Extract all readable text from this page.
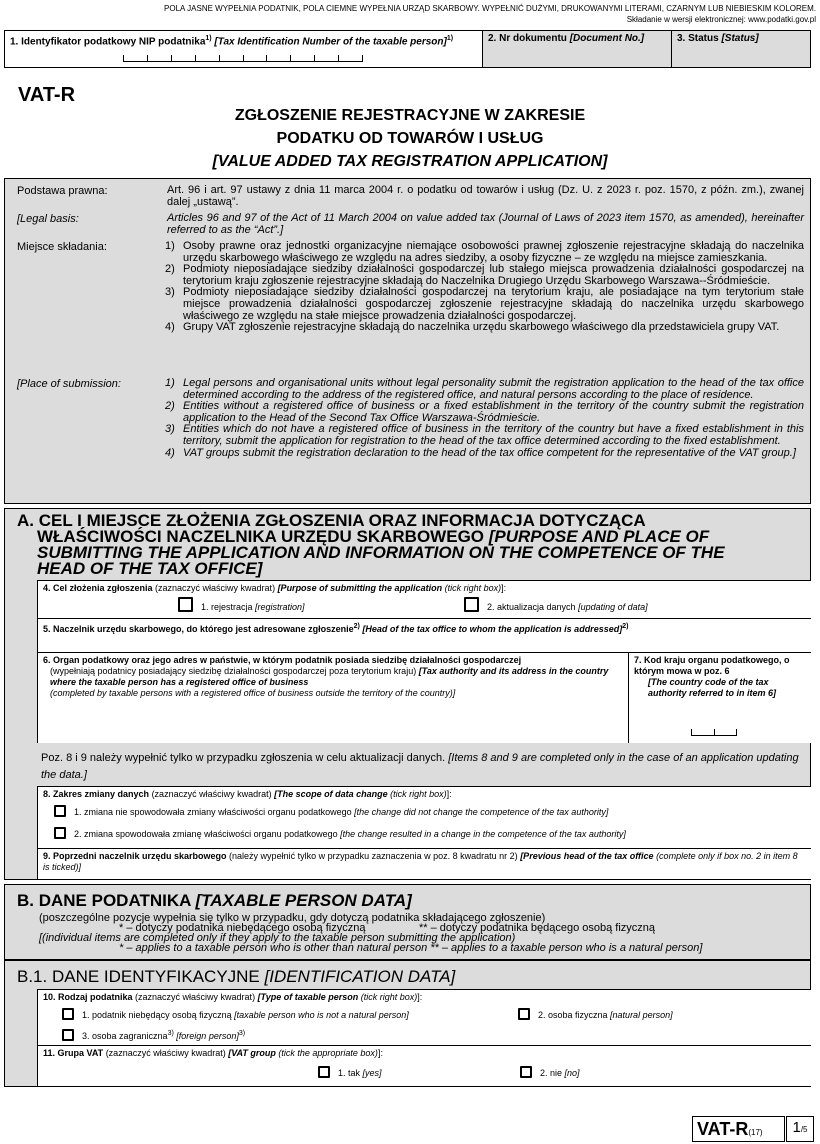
POLA JASNE WYPEŁNIA PODATNIK, POLA CIEMNE WYPEŁNIA URZĄD SKARBOWY. WYPEŁNIĆ DUŻYMI, DRUKOWANYMI LITERAMI, CZARNYM LUB NIEBIESKIM KOLOREM.
Składanie w wersji elektronicznej: www.podatki.gov.pl
1. Identyfikator podatkowy NIP podatnika$^{1)}$ [Tax Identification Number of the taxable person]$^{1)}$	2. Nr dokumentu [Document No.]	3. Status [Status]
VAT-R
ZGŁOSZENIE REJESTRACYJNE W ZAKRESIE
PODATKU OD TOWARÓW I USŁUG
[VALUE ADDED TAX REGISTRATION APPLICATION]
Podstawa prawna:	Art. 96 i art. 97 ustawy z dnia 11 marca 2004 r. o podatku od towarów i usług (Dz. U. z 2023 r. poz. 1570, z późn. zm.), zwanej dalej „ustawą”.
[Legal basis:	Articles 96 and 97 of the Act of 11 March 2004 on value added tax (Journal of Laws of 2023 item 1570, as amended), hereinafter referred to as the “Act”.]
Miejsce składania:	1) Osoby prawne oraz jednostki organizacyjne niemające osobowości prawnej zgłoszenie rejestracyjne składają do naczelnika urzędu skarbowego właściwego ze względu na adres siedziby, a osoby fizyczne – ze względu na miejsce zamieszkania.
2) Podmioty nieposiadające siedziby działalności gospodarczej lub stałego miejsca prowadzenia działalności gospodarczej na terytorium kraju zgłoszenie rejestracyjne składają do Naczelnika Drugiego Urzędu Skarbowego Warszawa--Śródmieście.
3) Podmioty nieposiadające siedziby działalności gospodarczej na terytorium kraju, ale posiadające na tym terytorium stałe miejsce prowadzenia działalności gospodarczej zgłoszenie rejestracyjne składają do naczelnika urzędu skarbowego właściwego ze względu na stałe miejsce prowadzenia działalności gospodarczej.
4) Grupy VAT zgłoszenie rejestracyjne składają do naczelnika urzędu skarbowego właściwego dla przedstawiciela grupy VAT.
[Place of submission:	1) Legal persons and organisational units without legal personality submit the registration application to the head of the tax office determined according to the address of the registered office, and natural persons according to the place of residence.
2) Entities without a registered office of business or a fixed establishment in the territory of the country submit the registration application to the Head of the Second Tax Office Warszawa-Śródmieście.
3) Entities which do not have a registered office of business in the territory of the country but have a fixed establishment in this territory, submit the application for registration to the head of the tax office determined according to the fixed establishment.
4) VAT groups submit the registration declaration to the head of the tax office competent for the representative of the VAT group.]
A. CEL I MIEJSCE ZŁOŻENIA ZGŁOSZENIA ORAZ INFORMACJA DOTYCZĄCA
WŁAŚCIWOŚCI NACZELNIKA URZĘDU SKARBOWEGO [PURPOSE AND PLACE OF
SUBMITTING THE APPLICATION AND INFORMATION ON THE COMPETENCE OF THE
HEAD OF THE TAX OFFICE]
4. Cel złożenia zgłoszenia (zaznaczyć właściwy kwadrat) [Purpose of submitting the application (tick right box)]:
1. rejestracja [registration]	2. aktualizacja danych [updating of data]
5. Naczelnik urzędu skarbowego, do którego jest adresowane zgłoszenie$^{2)}$ [Head of the tax office to whom the application is addressed]$^{2)}$
6. Organ podatkowy oraz jego adres w państwie, w którym podatnik posiada siedzibę działalności gospodarczej
(wypełniają podatnicy posiadający siedzibę działalności gospodarczej poza terytorium kraju) [Tax authority and its address in the country where the taxable person has a registered office of business
(completed by taxable persons with a registered office of business outside the territory of the country)]
7. Kod kraju organu podatkowego, o którym mowa w poz. 6
[The country code of the tax authority referred to in item 6]
Poz. 8 i 9 należy wypełnić tylko w przypadku zgłoszenia w celu aktualizacji danych. [Items 8 and 9 are completed only in the case of an application updating the data.]
8. Zakres zmiany danych (zaznaczyć właściwy kwadrat) [The scope of data change (tick right box)]:
1. zmiana nie spowodowała zmiany właściwości organu podatkowego [the change did not change the competence of the tax authority]
2. zmiana spowodowała zmianę właściwości organu podatkowego [the change resulted in a change in the competence of the tax authority]
9. Poprzedni naczelnik urzędu skarbowego (należy wypełnić tylko w przypadku zaznaczenia w poz. 8 kwadratu nr 2) [Previous head of the tax office (complete only if box no. 2 in item 8 is ticked)]
B. DANE PODATNIKA [TAXABLE PERSON DATA]
(poszczególne pozycje wypełnia się tylko w przypadku, gdy dotyczą podatnika składającego zgłoszenie)
* – dotyczy podatnika niebędącego osobą fizyczną	** – dotyczy podatnika będącego osobą fizyczną
[(individual items are completed only if they apply to the taxable person submitting the application)
* – applies to a taxable person who is other than natural person ** – applies to a taxable person who is a natural person]
B.1. DANE IDENTYFIKACYJNE [IDENTIFICATION DATA]
10. Rodzaj podatnika (zaznaczyć właściwy kwadrat) [Type of taxable person (tick right box)]:
1. podatnik niebędący osobą fizyczną [taxable person who is not a natural person]	2. osoba fizyczna [natural person]
3. osoba zagraniczna$^{3)}$ [foreign person]$^{3)}$
11. Grupa VAT (zaznaczyć właściwy kwadrat) [VAT group (tick the appropriate box)]:
1. tak [yes]	2. nie [no]
VAT-R(17)	1/5
